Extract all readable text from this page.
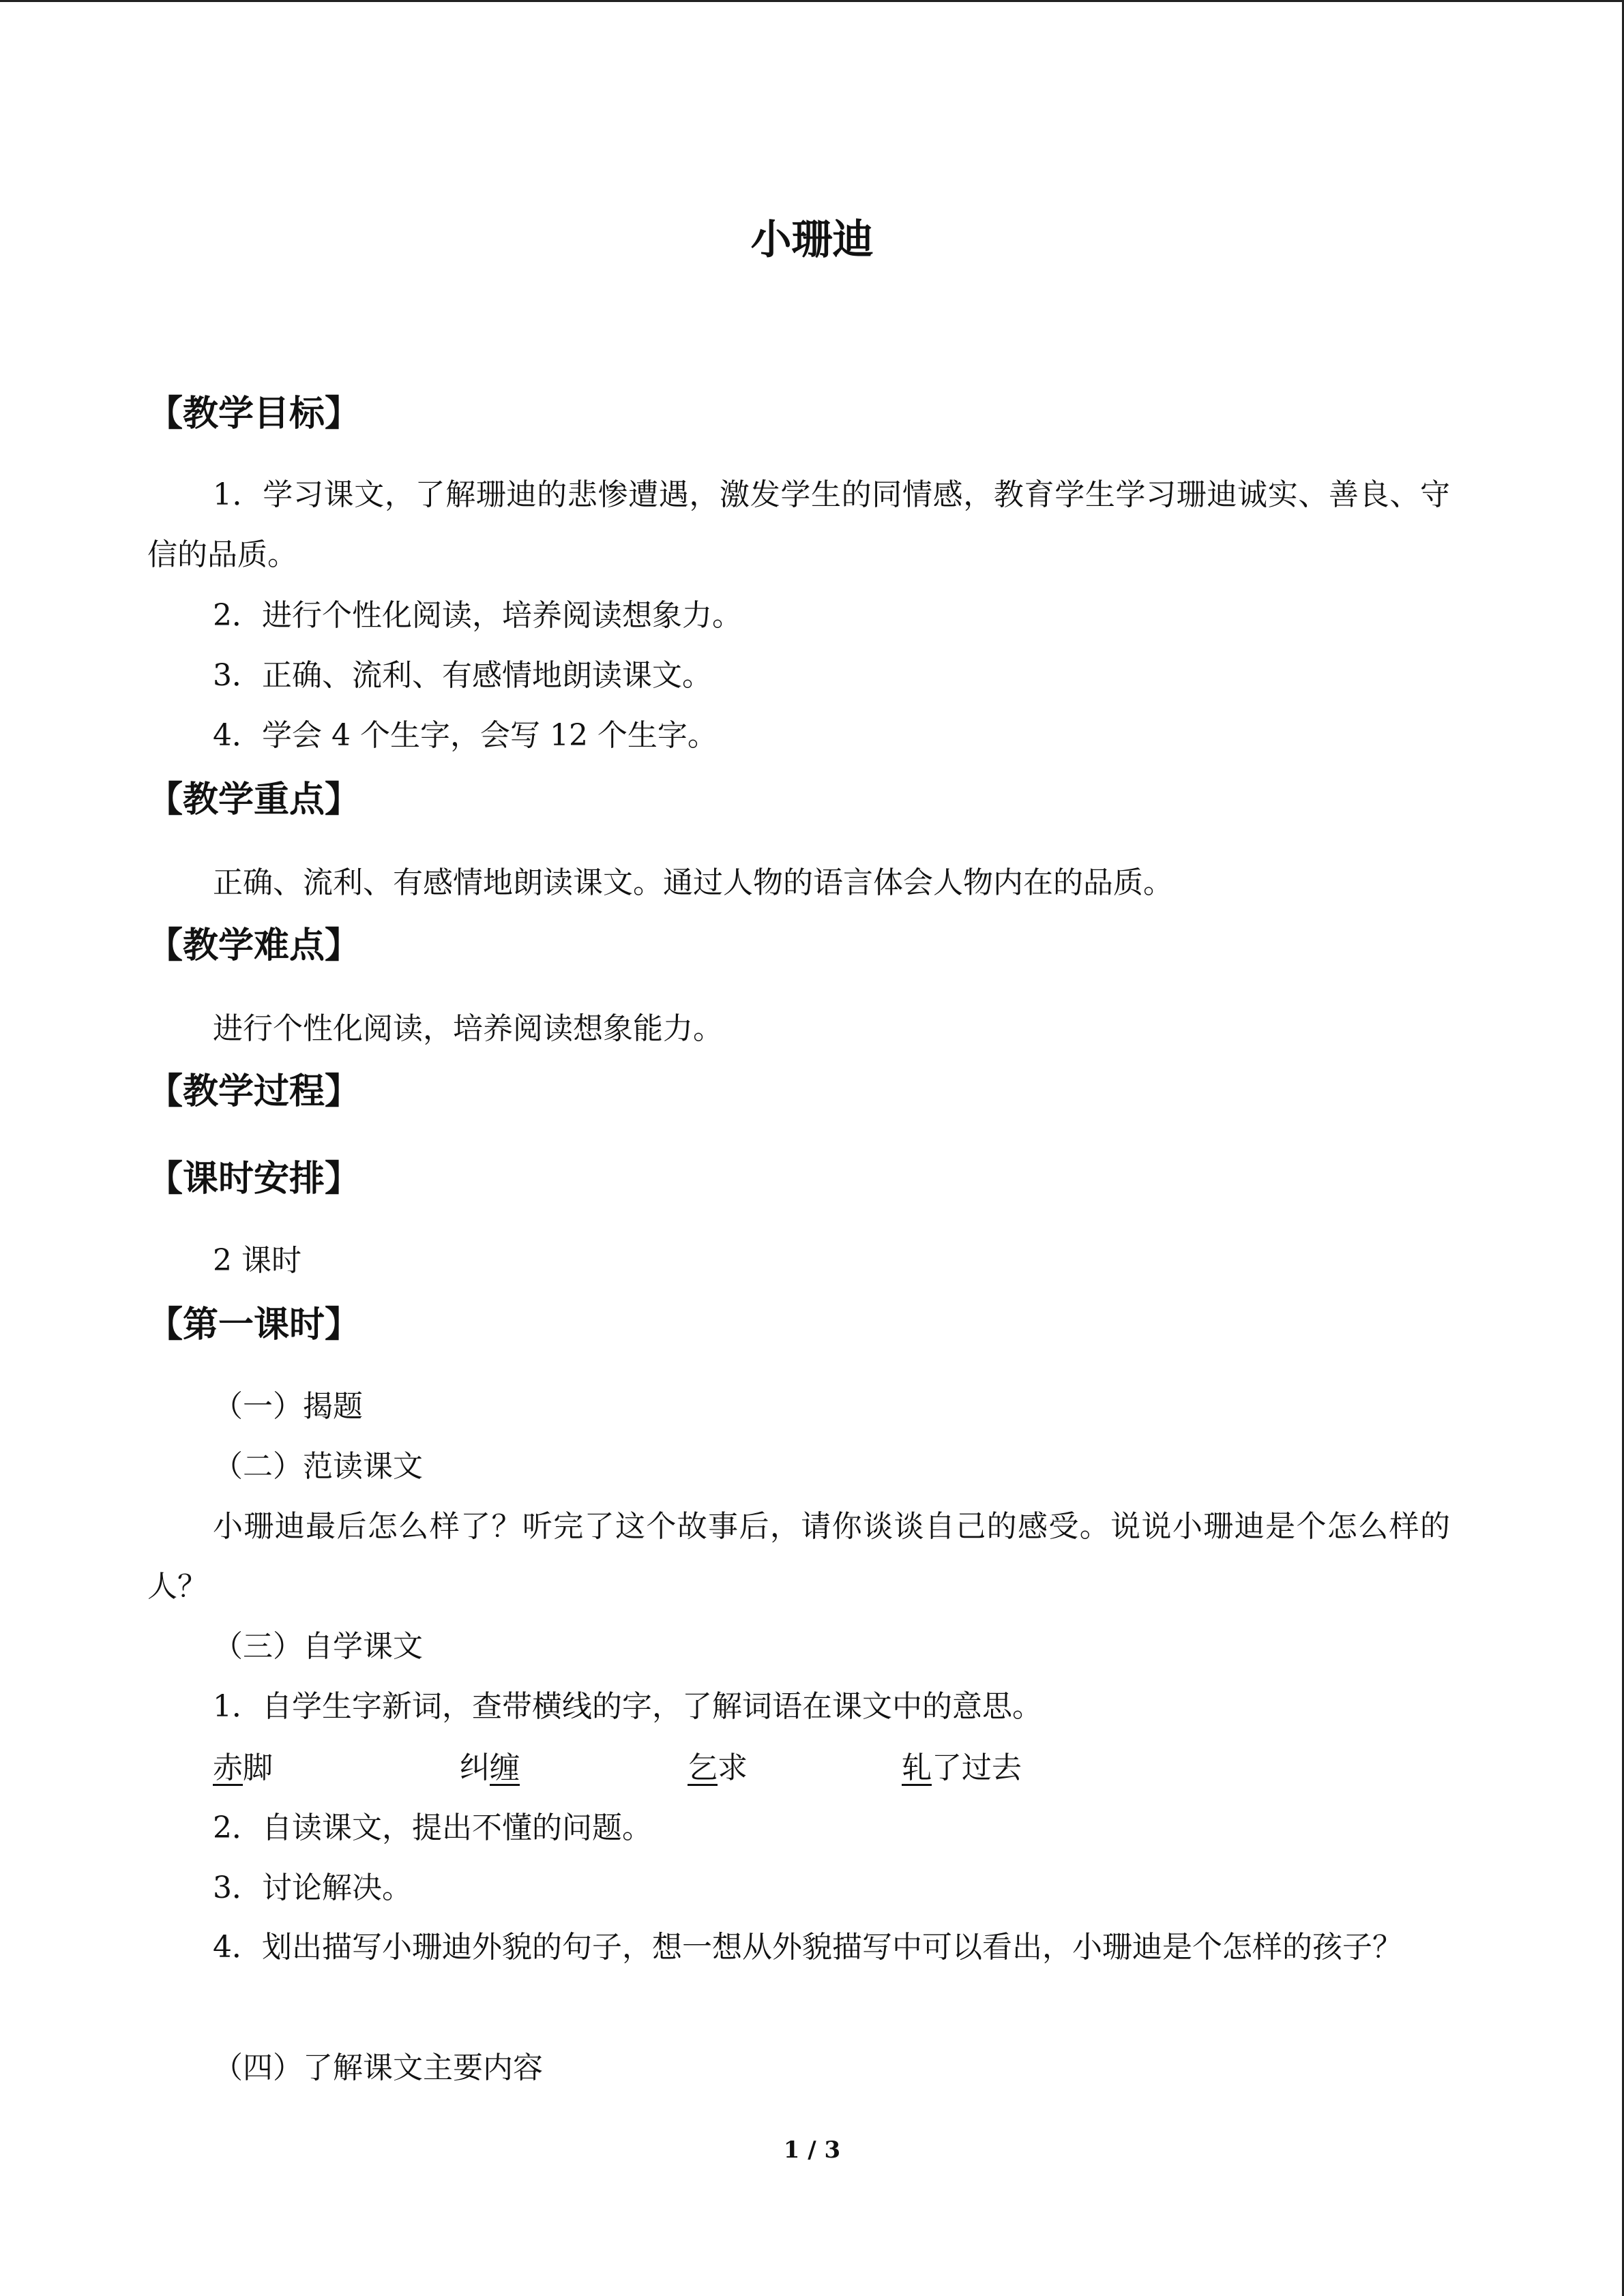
小珊迪
【教学目标】
1．学习课文，了解珊迪的悲惨遭遇，激发学生的同情感，教育学生学习珊迪诚实、善良、守信的品质。
2．进行个性化阅读，培养阅读想象力。
3．正确、流利、有感情地朗读课文。
4．学会 4 个生字，会写 12 个生字。
【教学重点】
正确、流利、有感情地朗读课文。通过人物的语言体会人物内在的品质。
【教学难点】
进行个性化阅读，培养阅读想象能力。
【教学过程】
【课时安排】
2 课时
【第一课时】
（一）揭题
（二）范读课文
小珊迪最后怎么样了？听完了这个故事后，请你谈谈自己的感受。说说小珊迪是个怎么样的人？
（三）自学课文
1．自学生字新词，查带横线的字，了解词语在课文中的意思。
赤脚	纠缠	乞求	轧了过去
2．自读课文，提出不懂的问题。
3．讨论解决。
4．划出描写小珊迪外貌的句子，想一想从外貌描写中可以看出，小珊迪是个怎样的孩子？
（四）了解课文主要内容
1 / 3
